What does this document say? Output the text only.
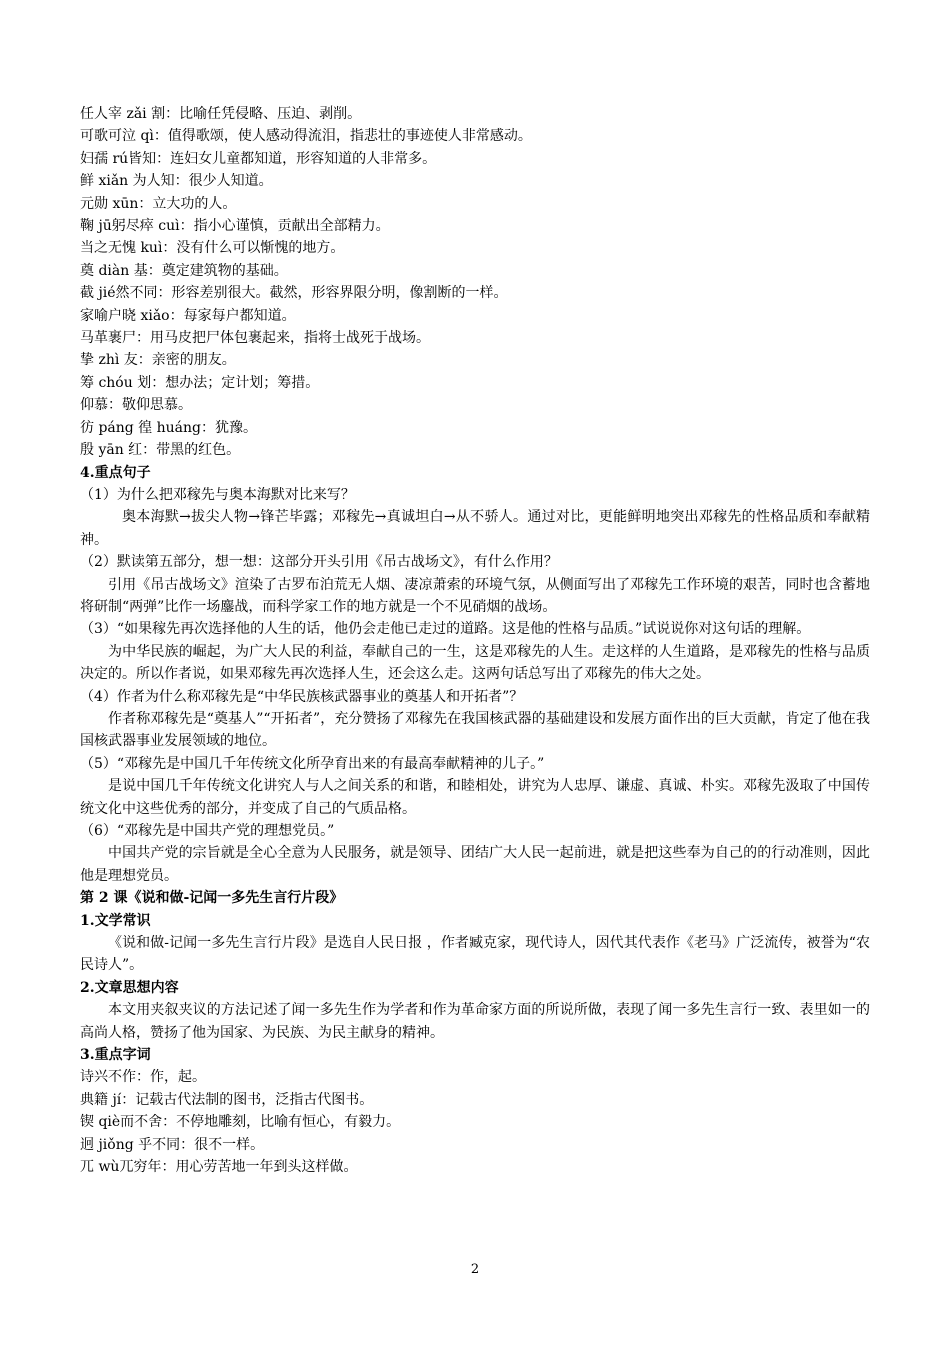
任人宰 zǎi 割：比喻任凭侵略、压迫、剥削。
可歌可泣 qì：值得歌颂，使人感动得流泪，指悲壮的事迹使人非常感动。
妇孺 rú皆知：连妇女儿童都知道，形容知道的人非常多。
鲜 xiǎn 为人知：很少人知道。
元勋 xūn：立大功的人。
鞠 jū躬尽瘁 cuì：指小心谨慎，贡献出全部精力。
当之无愧 kuì：没有什么可以惭愧的地方。
奠 diàn 基：奠定建筑物的基础。
截 jié然不同：形容差别很大。截然，形容界限分明，像割断的一样。
家喻户晓 xiǎo：每家每户都知道。
马革裹尸：用马皮把尸体包裹起来，指将士战死于战场。
挚 zhì 友：亲密的朋友。
筹 chóu 划：想办法；定计划；筹措。
仰慕：敬仰思慕。
彷 páng 徨 huáng：犹豫。
殷 yān 红：带黑的红色。
4.重点句子
（1）为什么把邓稼先与奥本海默对比来写？
奥本海默→拔尖人物→锋芒毕露；邓稼先→真诚坦白→从不骄人。通过对比，更能鲜明地突出邓稼先的性格品质和奉献精神。
（2）默读第五部分，想一想：这部分开头引用《吊古战场文》，有什么作用？
引用《吊古战场文》渲染了古罗布泊荒无人烟、凄凉萧索的环境气氛，从侧面写出了邓稼先工作环境的艰苦，同时也含蓄地将研制“两弹”比作一场鏖战，而科学家工作的地方就是一个不见硝烟的战场。
（3）“如果稼先再次选择他的人生的话，他仍会走他已走过的道路。这是他的性格与品质。”试说说你对这句话的理解。
为中华民族的崛起，为广大人民的利益，奉献自己的一生，这是邓稼先的人生。走这样的人生道路，是邓稼先的性格与品质决定的。所以作者说，如果邓稼先再次选择人生，还会这么走。这两句话总写出了邓稼先的伟大之处。
（4）作者为什么称邓稼先是“中华民族核武器事业的奠基人和开拓者”？
作者称邓稼先是“奠基人”“开拓者”，充分赞扬了邓稼先在我国核武器的基础建设和发展方面作出的巨大贡献，肯定了他在我国核武器事业发展领域的地位。
（5）“邓稼先是中国几千年传统文化所孕育出来的有最高奉献精神的儿子。”
是说中国几千年传统文化讲究人与人之间关系的和谐，和睦相处，讲究为人忠厚、谦虚、真诚、朴实。邓稼先汲取了中国传统文化中这些优秀的部分，并变成了自己的气质品格。
（6）“邓稼先是中国共产党的理想党员。”
中国共产党的宗旨就是全心全意为人民服务，就是领导、团结广大人民一起前进，就是把这些奉为自己的的行动准则，因此他是理想党员。
第 2 课《说和做-记闻一多先生言行片段》
1.文学常识
《说和做-记闻一多先生言行片段》是选自人民日报 ，作者臧克家，现代诗人，因代其代表作《老马》广泛流传，被誉为“农民诗人”。
2.文章思想内容
本文用夹叙夹议的方法记述了闻一多先生作为学者和作为革命家方面的所说所做，表现了闻一多先生言行一致、表里如一的高尚人格，赞扬了他为国家、为民族、为民主献身的精神。
3.重点字词
诗兴不作：作，起。
典籍 jí：记载古代法制的图书，泛指古代图书。
锲 qiè而不舍：不停地雕刻，比喻有恒心，有毅力。
迥 jiǒng 乎不同：很不一样。
兀 wù兀穷年：用心劳苦地一年到头这样做。
2
